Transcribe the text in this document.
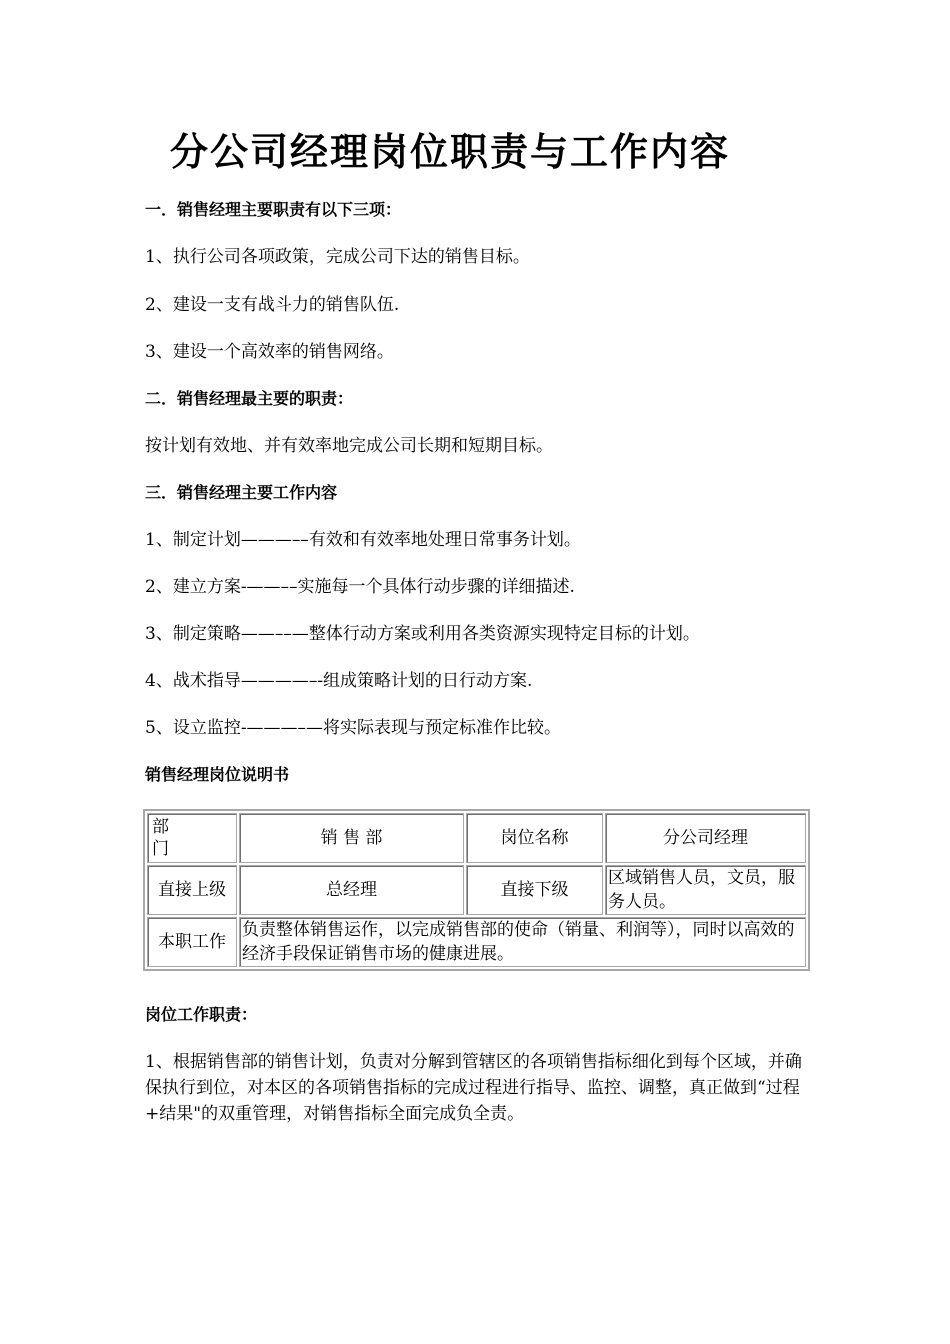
分公司经理岗位职责与工作内容
一．销售经理主要职责有以下三项：
1、执行公司各项政策，完成公司下达的销售目标。
2、建设一支有战斗力的销售队伍.
3、建设一个高效率的销售网络。
二．销售经理最主要的职责：
按计划有效地、并有效率地完成公司长期和短期目标。
三．销售经理主要工作内容
1、制定计划———––有效和有效率地处理日常事务计划。
2、建立方案-——––实施每一个具体行动步骤的详细描述.
3、制定策略——––—整体行动方案或利用各类资源实现特定目标的计划。
4、战术指导————–-组成策略计划的日行动方案.
5、设立监控-———–—将实际表现与预定标准作比较。
销售经理岗位说明书
部
门	销 售 部	岗位名称	分公司经理
直接上级	总经理	直接下级	区域销售人员，文员，服务人员。
本职工作	负责整体销售运作，以完成销售部的使命（销量、利润等），同时以高效的经济手段保证销售市场的健康进展。		
岗位工作职责：
1、根据销售部的销售计划，负责对分解到管辖区的各项销售指标细化到每个区域，并确保执行到位，对本区的各项销售指标的完成过程进行指导、监控、调整，真正做到“过程+结果"的双重管理，对销售指标全面完成负全责。
